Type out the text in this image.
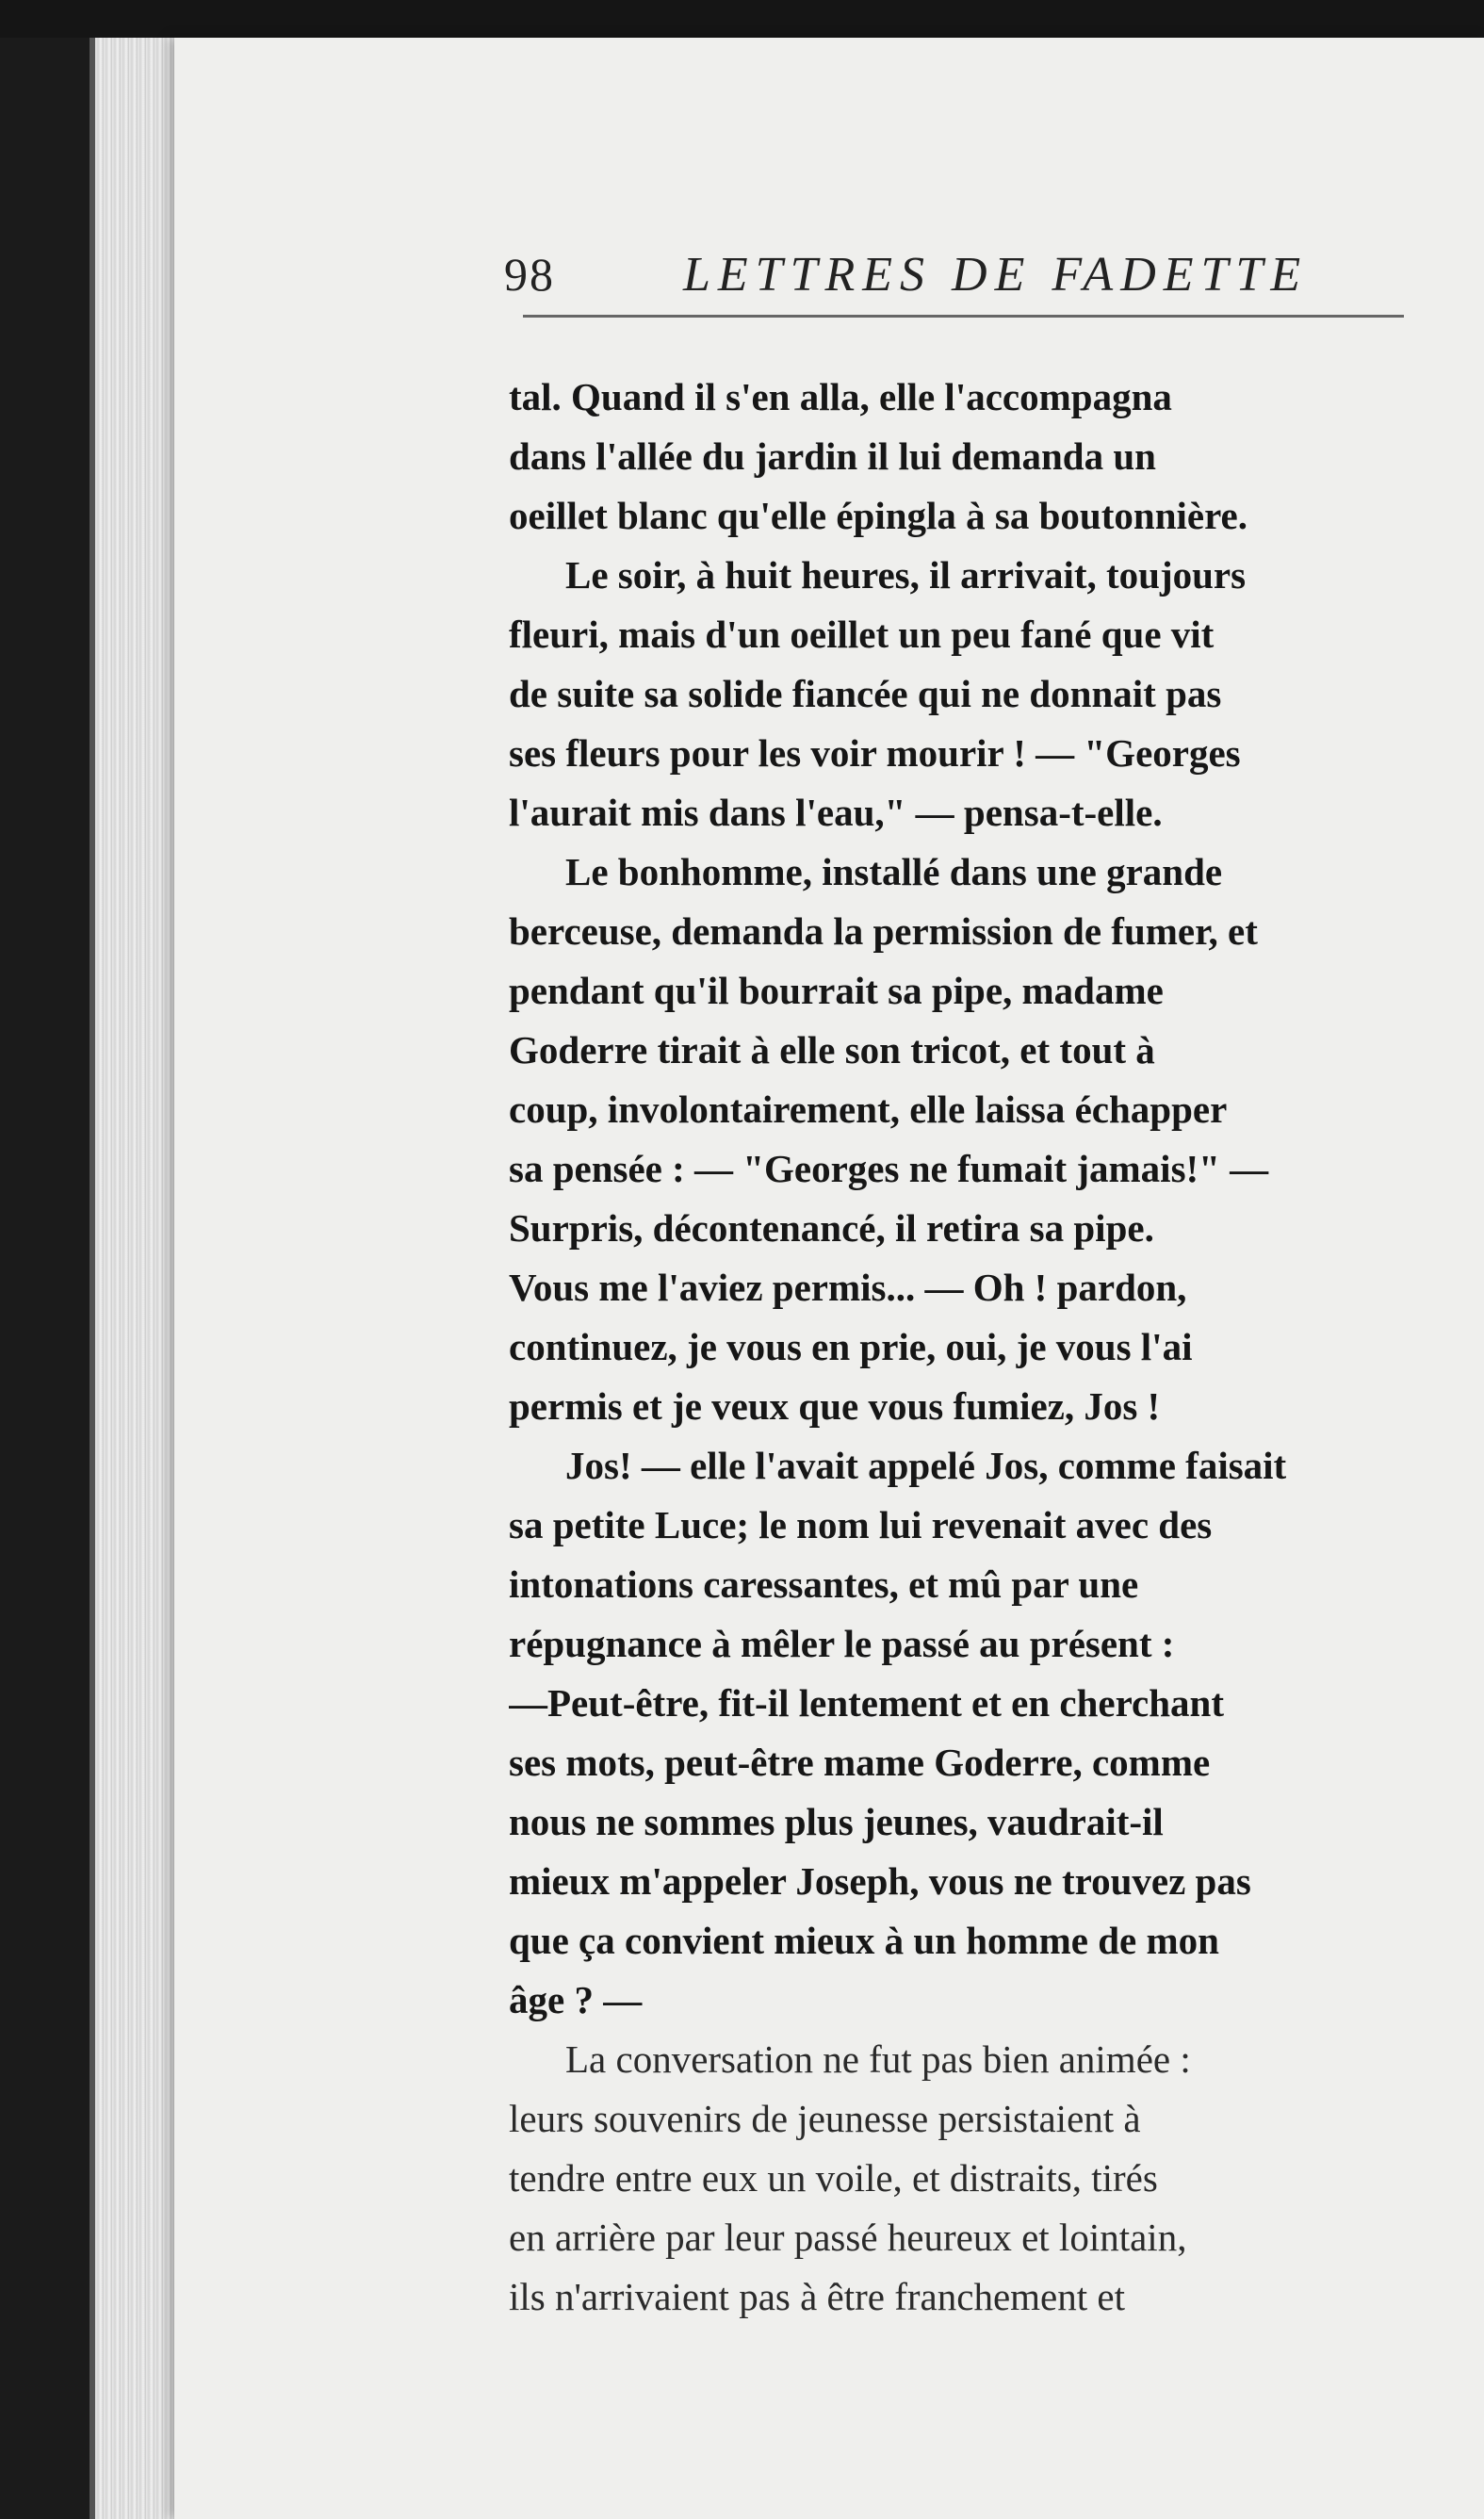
98	LETTRES DE FADETTE
tal. Quand il s'en alla, elle l'accompagna
dans l'allée du jardin il lui demanda un
oeillet blanc qu'elle épingla à sa boutonnière.
Le soir, à huit heures, il arrivait, toujours
fleuri, mais d'un oeillet un peu fané que vit
de suite sa solide fiancée qui ne donnait pas
ses fleurs pour les voir mourir ! — "Georges
l'aurait mis dans l'eau," — pensa-t-elle.
Le bonhomme, installé dans une grande
berceuse, demanda la permission de fumer, et
pendant qu'il bourrait sa pipe, madame
Goderre tirait à elle son tricot, et tout à
coup, involontairement, elle laissa échapper
sa pensée : — "Georges ne fumait jamais!" —
Surpris, décontenancé, il retira sa pipe.
Vous me l'aviez permis... — Oh ! pardon,
continuez, je vous en prie, oui, je vous l'ai
permis et je veux que vous fumiez, Jos !
Jos! — elle l'avait appelé Jos, comme faisait
sa petite Luce; le nom lui revenait avec des
intonations caressantes, et mû par une
répugnance à mêler le passé au présent :
—Peut-être, fit-il lentement et en cherchant
ses mots, peut-être mame Goderre, comme
nous ne sommes plus jeunes, vaudrait-il
mieux m'appeler Joseph, vous ne trouvez pas
que ça convient mieux à un homme de mon
âge ? —
La conversation ne fut pas bien animée :
leurs souvenirs de jeunesse persistaient à
tendre entre eux un voile, et distraits, tirés
en arrière par leur passé heureux et lointain,
ils n'arrivaient pas à être franchement et
